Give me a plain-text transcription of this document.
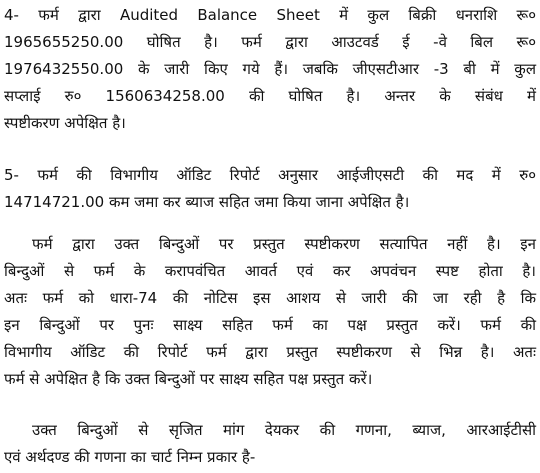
4- फर्म द्वारा Audited Balance Sheet में कुल बिक्री धनराशि रू०
1965655250.00 घोषित है। फर्म द्वारा आउटवर्ड ई -वे बिल रू०
1976432550.00 के जारी किए गये हैं। जबकि जीएसटीआर -3 बी में कुल
सप्लाई रु० 1560634258.00 की घोषित है। अन्तर के संबंध में
स्पष्टीकरण अपेक्षित है।
5- फर्म की विभागीय ऑडिट रिपोर्ट अनुसार आईजीएसटी की मद में रु०
14714721.00 कम जमा कर ब्याज सहित जमा किया जाना अपेक्षित है।
फर्म द्वारा उक्त बिन्दुओं पर प्रस्तुत स्पष्टीकरण सत्यापित नहीं है। इन
बिन्दुओं से फर्म के करापवंचित आवर्त एवं कर अपवंचन स्पष्ट होता है।
अतः फर्म को धारा-74 की नोटिस इस आशय से जारी की जा रही है कि
इन बिन्दुओं पर पुनः साक्ष्य सहित फर्म का पक्ष प्रस्तुत करें। फर्म की
विभागीय ऑडिट की रिपोर्ट फर्म द्वारा प्रस्तुत स्पष्टीकरण से भिन्न है। अतः
फर्म से अपेक्षित है कि उक्त बिन्दुओं पर साक्ष्य सहित पक्ष प्रस्तुत करें।
उक्त बिन्दुओं से सृजित मांग देयकर की गणना, ब्याज, आरआईटीसी
एवं अर्थदण्ड की गणना का चार्ट निम्न प्रकार है-
